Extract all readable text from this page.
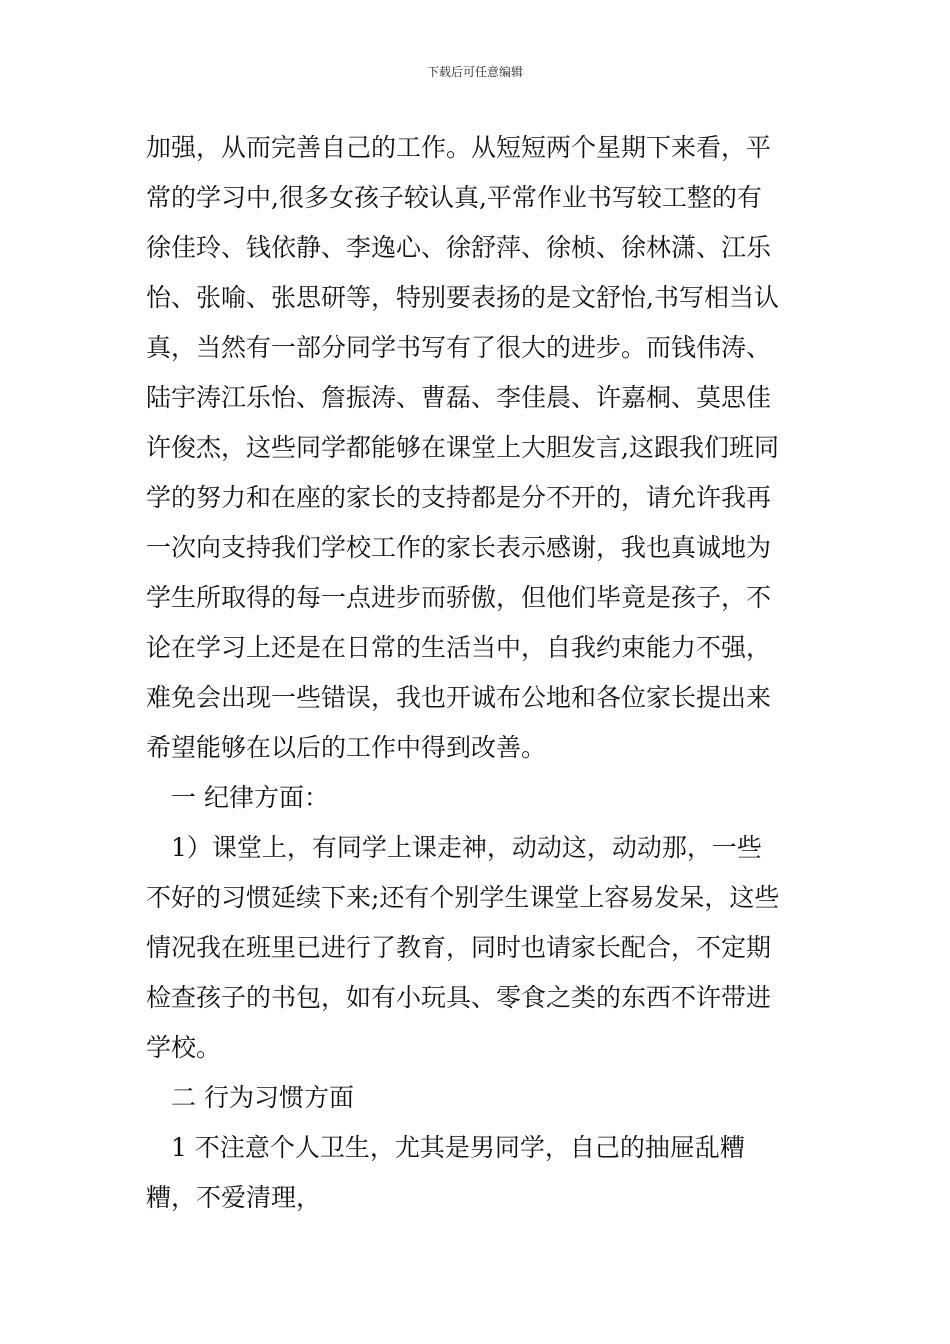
下载后可任意编辑
加强，从而完善自己的工作。从短短两个星期下来看，平
常的学习中,很多女孩子较认真,平常作业书写较工整的有
徐佳玲、钱依静、李逸心、徐舒萍、徐桢、徐林潇、江乐
怡、张喻、张思研等，特别要表扬的是文舒怡,书写相当认
真，当然有一部分同学书写有了很大的进步。而钱伟涛、
陆宇涛江乐怡、詹振涛、曹磊、李佳晨、许嘉桐、莫思佳
许俊杰，这些同学都能够在课堂上大胆发言,这跟我们班同
学的努力和在座的家长的支持都是分不开的，请允许我再
一次向支持我们学校工作的家长表示感谢，我也真诚地为
学生所取得的每一点进步而骄傲，但他们毕竟是孩子，不
论在学习上还是在日常的生活当中，自我约束能力不强，
难免会出现一些错误，我也开诚布公地和各位家长提出来
希望能够在以后的工作中得到改善。
　一 纪律方面：
　1）课堂上，有同学上课走神，动动这，动动那，一些
不好的习惯延续下来;还有个别学生课堂上容易发呆，这些
情况我在班里已进行了教育，同时也请家长配合，不定期
检查孩子的书包，如有小玩具、零食之类的东西不许带进
学校。
　二 行为习惯方面
　1 不注意个人卫生，尤其是男同学，自己的抽屉乱糟
糟，不爱清理，
